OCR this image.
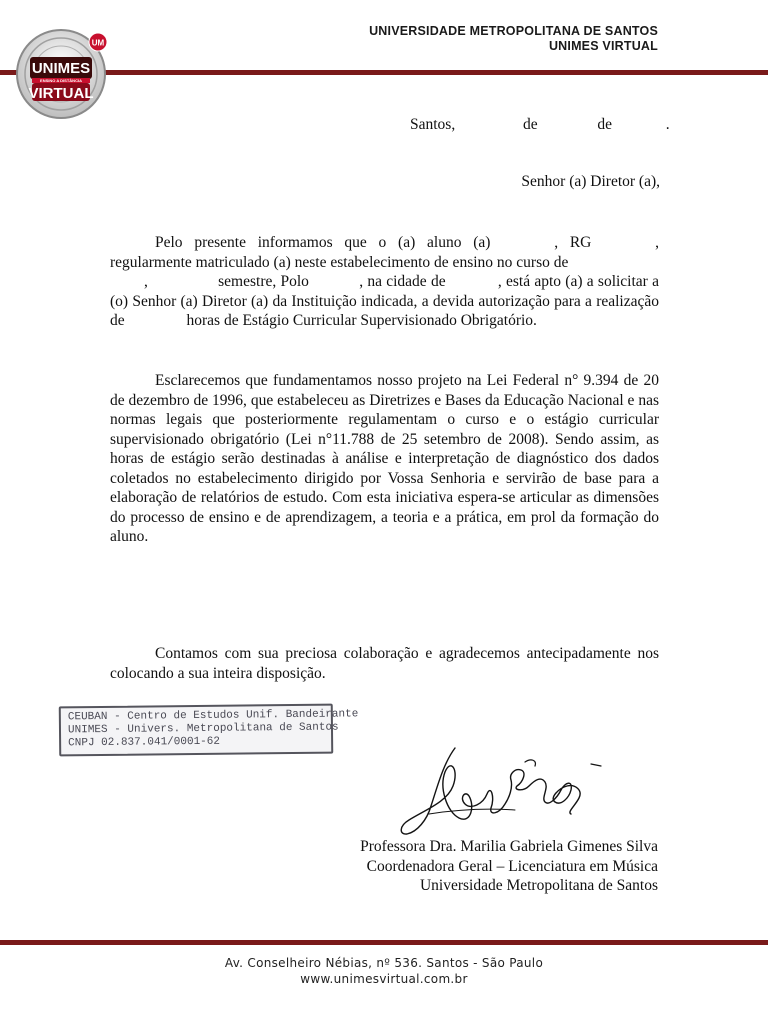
UNIVERSIDADE METROPOLITANA DE SANTOS
UNIMES VIRTUAL
UNIMES
ENSINO A DISTÂNCIA
VIRTUAL
UM
Santos,	de	de	.
Senhor (a) Diretor (a),
Pelo presente informamos que o (a) aluno (a)	, RG	, regularmente matriculado (a) neste estabelecimento de ensino no curso de
,	semestre, Polo	, na cidade de	, está apto (a) a solicitar a (o) Senhor (a) Diretor (a) da Instituição indicada, a devida autorização para a realização de	horas de Estágio Curricular Supervisionado Obrigatório.
Esclarecemos que fundamentamos nosso projeto na Lei Federal n° 9.394 de 20 de dezembro de 1996, que estabeleceu as Diretrizes e Bases da Educação Nacional e nas normas legais que posteriormente regulamentam o curso e o estágio curricular supervisionado obrigatório (Lei n°11.788 de 25 setembro de 2008). Sendo assim, as horas de estágio serão destinadas à análise e interpretação de diagnóstico dos dados coletados no estabelecimento dirigido por Vossa Senhoria e servirão de base para a elaboração de relatórios de estudo. Com esta iniciativa espera-se articular as dimensões do processo de ensino e de aprendizagem, a teoria e a prática, em prol da formação do aluno.
Contamos com sua preciosa colaboração e agradecemos antecipadamente nos colocando a sua inteira disposição.
CEUBAN - Centro de Estudos Unif. Bandeirante
UNIMES - Univers. Metropolitana de Santos
CNPJ 02.837.041/0001-62
Professora Dra. Marilia Gabriela Gimenes Silva
Coordenadora Geral – Licenciatura em Música
Universidade Metropolitana de Santos
Av. Conselheiro Nébias, nº 536. Santos - São Paulo
www.unimesvirtual.com.br
